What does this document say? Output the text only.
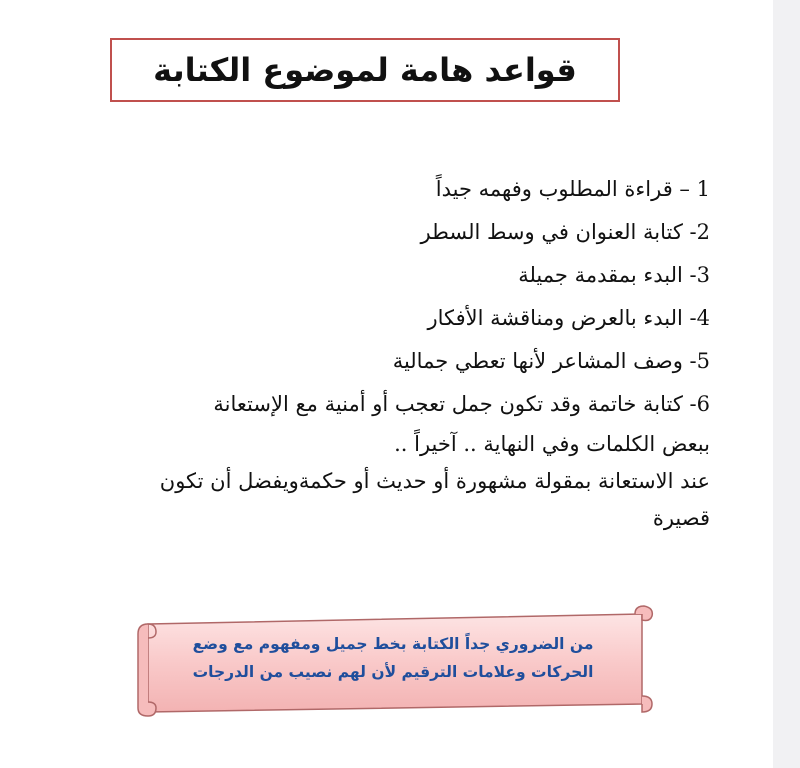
قواعد هامة لموضوع الكتابة
1 – قراءة المطلوب وفهمه جيداً
2- كتابة العنوان في وسط السطر
3- البدء بمقدمة جميلة
4- البدء بالعرض ومناقشة الأفكار
5- وصف المشاعر لأنها تعطي جمالية
6- كتابة خاتمة وقد تكون جمل تعجب أو أمنية مع الإستعانة
ببعض الكلمات وفي النهاية .. آخيراً ..
عند الاستعانة بمقولة مشهورة أو حديث أو حكمةويفضل أن تكون
قصيرة
من الضروري جداً الكتابة بخط جميل ومفهوم مع وضع
الحركات وعلامات الترقيم لأن لهم نصيب من الدرجات
